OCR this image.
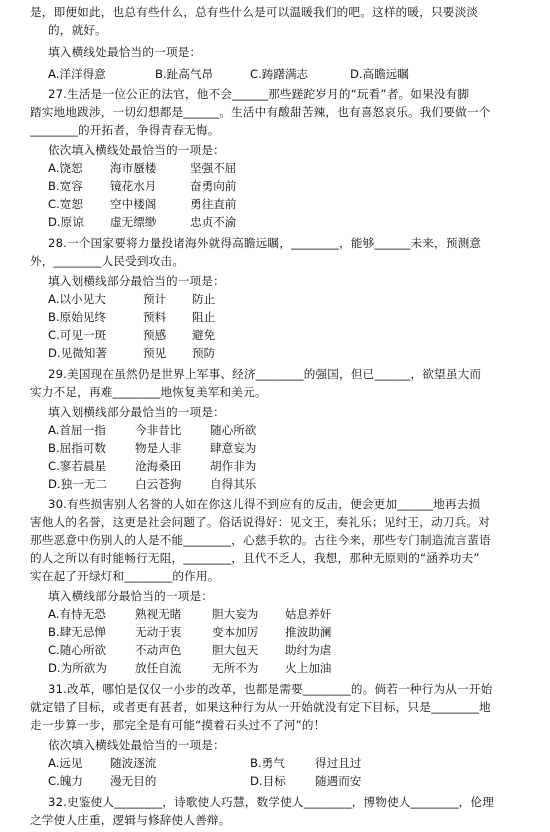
是，即便如此，也总有些什么，总有些什么是可以温暖我们的吧。这样的暖，只要淡淡
的，就好。
填入横线处最恰当的一项是：
A.洋洋得意	B.趾高气昂	C.踌躇满志	D.高瞻远瞩
27.生活是一位公正的法官，他不会______那些蹉跎岁月的“玩看”者。如果没有脚
踏实地地跋涉，一切幻想都是______。生活中有酸甜苦辣，也有喜怒哀乐。我们要做一个
________的开拓者，争得青春无悔。
依次填入横线处最恰当的一项是：
A.饶恕 海市蜃楼	坚强不屈
B.宽容 镜花水月	奋勇向前
C.宽恕 空中楼阁	勇往直前
D.原谅 虚无缥缈	忠贞不渝
28.一个国家要将力量投诸海外就得高瞻远瞩，________，能够______未来，预测意
外，________人民受到攻击。
填入划横线部分最恰当的一项是：
A.以小见大	预计 防止
B.原始见终	预料 阻止
C.可见一斑	预感 避免
D.见微知著	预见 预防
29.美国现在虽然仍是世界上军事、经济________的强国，但已______，欲望虽大而
实力不足，再难________地恢复美军和美元。
填入划横线部分最恰当的一项是：
A.首屈一指	今非昔比 随心所欲
B.屈指可数 物是人非 肆意妄为
C.寥若晨星 沧海桑田 胡作非为
D.独一无二 白云苍狗 自得其乐
30.有些损害别人名誉的人如在你这儿得不到应有的反击，便会更加______地再去损
害他人的名誉，这更是社会问题了。俗话说得好：见文王，奏礼乐；见纣王，动刀兵。对
那些恶意中伤别人的人是不能________，心慈手软的。古往今来，那些专门制造流言蜚语
的人之所以有时能畅行无阻，________，且代不乏人，我想，那种无原则的“涵养功夫”
实在起了开绿灯和________的作用。
填入横线部分最恰当的一项是：
A.有恃无恐	熟视无睹	胆大妄为 姑息养奸
B.肆无忌惮 无动于衷	变本加厉 推波助澜
C.随心所欲 不动声色	胆大包天 助纣为虐
D.为所欲为 放任自流	无所不为 火上加油
31.改革，哪怕是仅仅一小步的改革，也都是需要________的。倘若一种行为从一开始
就定错了目标，或者更有甚者，如果这种行为从一开始就没有定下目标，只是________地
走一步算一步，那完全是有可能“摸着石头过不了河”的！
依次填入横线处最恰当的一项是：
A.远见 随波逐流	B.勇气	得过且过
C.魄力 漫无目的	D.目标	随遇而安
32.史鉴使人________，诗歌使人巧慧，数学使人________，博物使人________，伦理
之学使人庄重，逻辑与修辞使人善辩。
